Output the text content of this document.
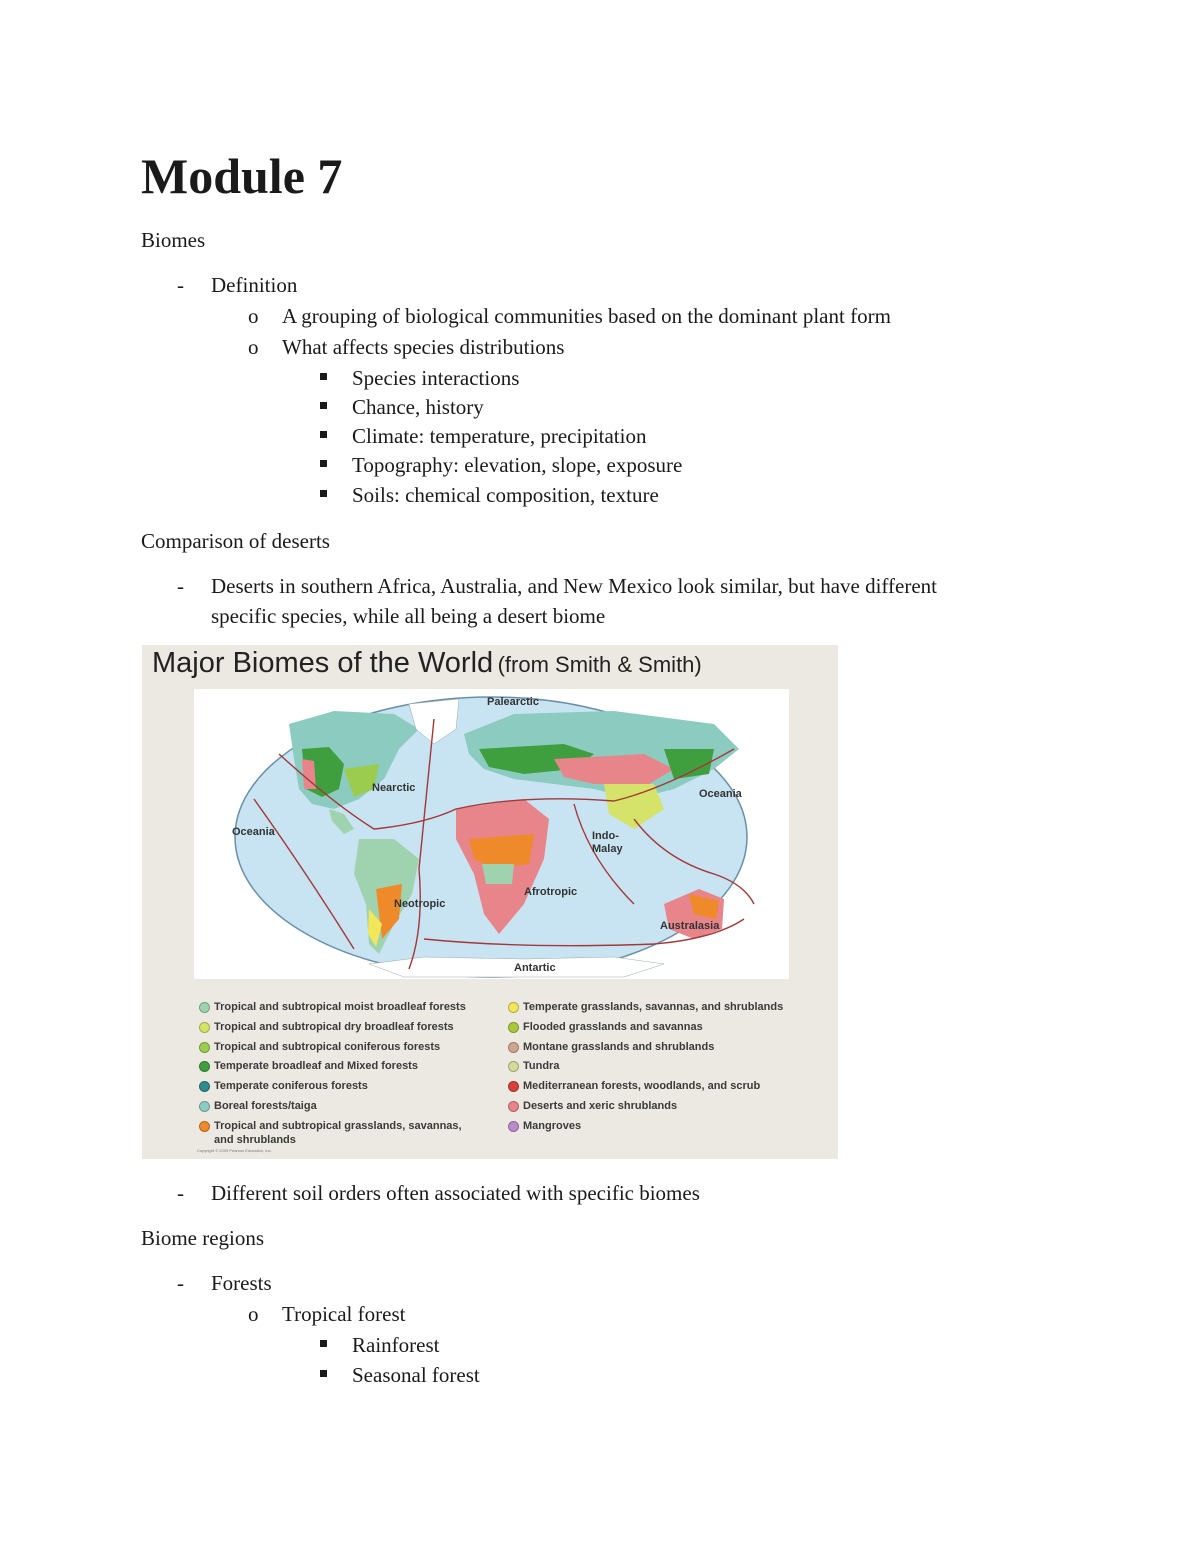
Module 7
Biomes
- Definition
o A grouping of biological communities based on the dominant plant form
o What affects species distributions
Species interactions
Chance, history
Climate: temperature, precipitation
Topography: elevation, slope, exposure
Soils: chemical composition, texture
Comparison of deserts
- Deserts in southern Africa, Australia, and New Mexico look similar, but have different
specific species, while all being a desert biome
Major Biomes of the World (from Smith & Smith)
Palearctic
Nearctic
Oceania
Oceania
Indo-
Malay
Neotropic
Afrotropic
Australasia
Antartic
Tropical and subtropical moist broadleaf forests
Tropical and subtropical dry broadleaf forests
Tropical and subtropical coniferous forests
Temperate broadleaf and Mixed forests
Temperate coniferous forests
Boreal forests/taiga
Tropical and subtropical grasslands, savannas,
and shrublands
Temperate grasslands, savannas, and shrublands
Flooded grasslands and savannas
Montane grasslands and shrublands
Tundra
Mediterranean forests, woodlands, and scrub
Deserts and xeric shrublands
Mangroves
Copyright © 2009 Pearson Education, Inc.
- Different soil orders often associated with specific biomes
Biome regions
- Forests
o Tropical forest
Rainforest
Seasonal forest
